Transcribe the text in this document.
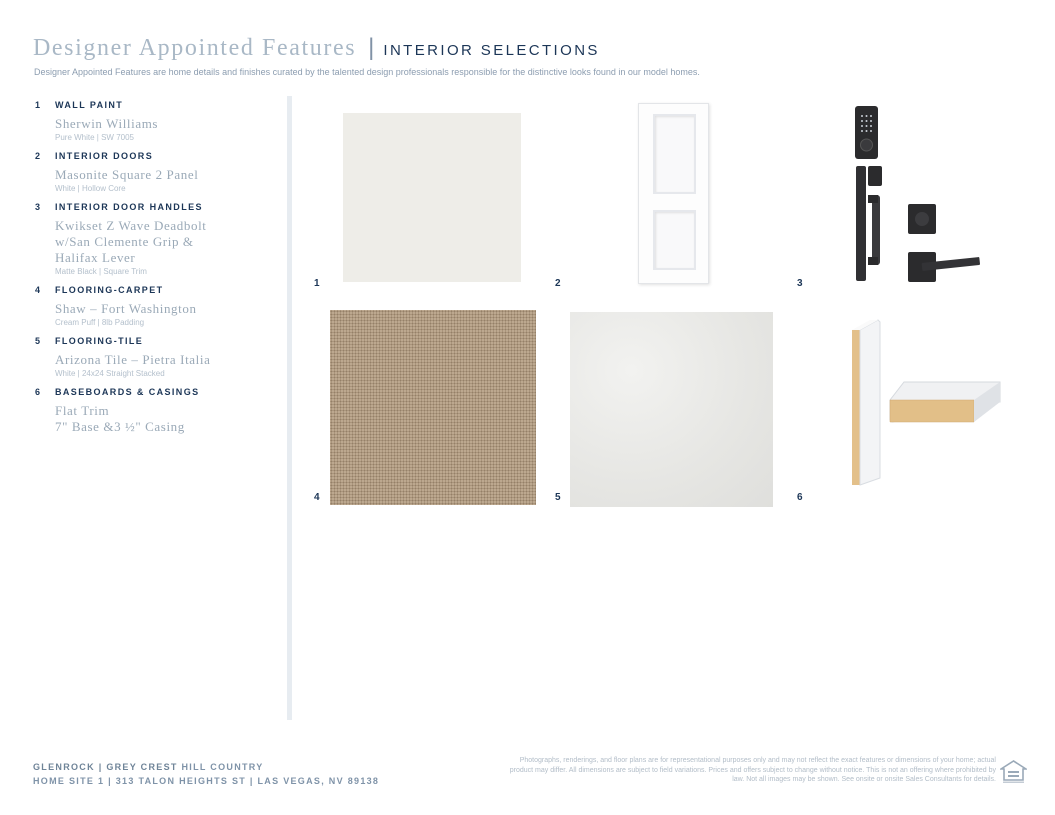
Designer Appointed Features | INTERIOR SELECTIONS
Designer Appointed Features are home details and finishes curated by the talented design professionals responsible for the distinctive looks found in our model homes.
1	WALL PAINT
Sherwin Williams
Pure White | SW 7005
2	INTERIOR DOORS
Masonite Square 2 Panel
White | Hollow Core
3	INTERIOR DOOR HANDLES
Kwikset Z Wave Deadbolt
w/San Clemente Grip &
Halifax Lever
Matte Black | Square Trim
4	FLOORING-CARPET
Shaw – Fort Washington
Cream Puff | 8lb Padding
5	FLOORING-TILE
Arizona Tile – Pietra Italia
White | 24x24 Straight Stacked
6	BASEBOARDS & CASINGS
Flat Trim
7" Base &3 ½" Casing
1	2	3
4	5	6
GLENROCK | GREY CREST HILL COUNTRY
HOME SITE 1 | 313 TALON HEIGHTS ST | LAS VEGAS, NV 89138
Photographs, renderings, and floor plans are for representational purposes only and may not reflect the exact features or dimensions of your home; actual product may differ. All dimensions are subject to field variations. Prices and offers subject to change without notice. This is not an offering where prohibited by law. Not all images may be shown. See onsite or onsite Sales Consultants for details.
